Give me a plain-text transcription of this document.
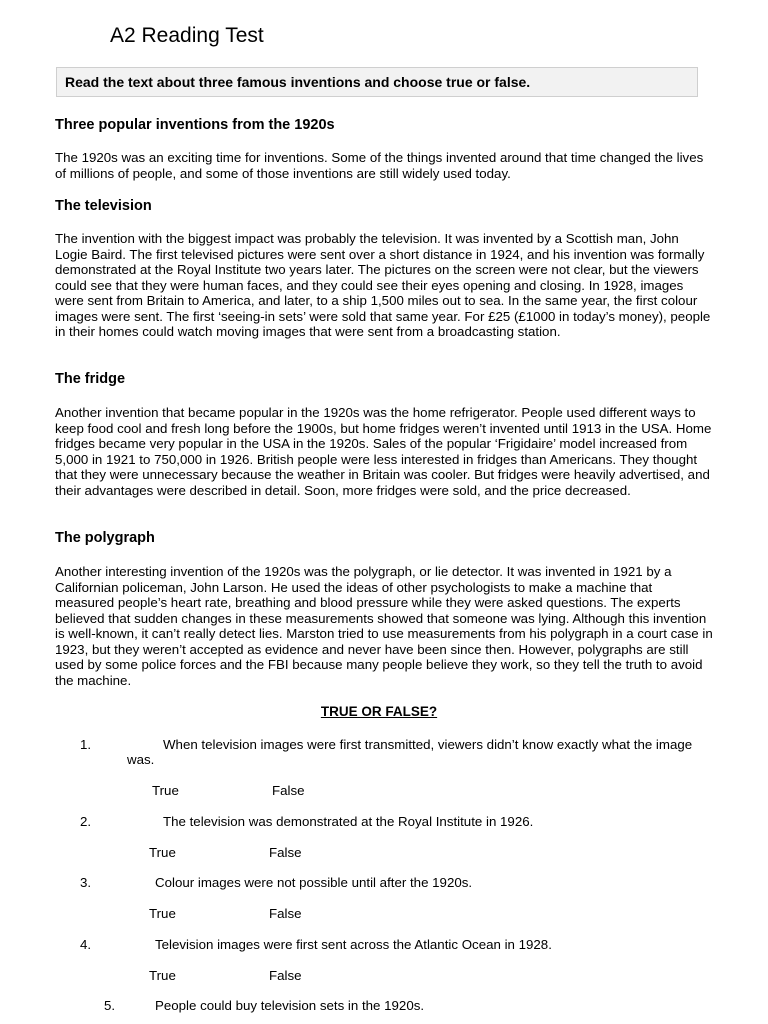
A2 Reading Test
Read the text about three famous inventions and choose true or false.
Three popular inventions from the 1920s

The 1920s was an exciting time for inventions. Some of the things invented around that time changed the lives of millions of people, and some of those inventions are still widely used today.

The television

The invention with the biggest impact was probably the television. It was invented by a Scottish man, John Logie Baird. The first televised pictures were sent over a short distance in 1924, and his invention was formally demonstrated at the Royal Institute two years later. The pictures on the screen were not clear, but the viewers could see that they were human faces, and they could see their eyes opening and closing. In 1928, images were sent from Britain to America, and later, to a ship 1,500 miles out to sea. In the same year, the first colour images were sent. The first ‘seeing-in sets’ were sold that same year. For £25 (£1000 in today’s money), people in their homes could watch moving images that were sent from a broadcasting station.

The fridge

Another invention that became popular in the 1920s was the home refrigerator. People used different ways to keep food cool and fresh long before the 1900s, but home fridges weren’t invented until 1913 in the USA. Home fridges became very popular in the USA in the 1920s. Sales of the popular ‘Frigidaire’ model increased from 5,000 in 1921 to 750,000 in 1926. British people were less interested in fridges than Americans. They thought that they were unnecessary because the weather in Britain was cooler. But fridges were heavily advertised, and their advantages were described in detail. Soon, more fridges were sold, and the price decreased.

The polygraph

Another interesting invention of the 1920s was the polygraph, or lie detector. It was invented in 1921 by a Californian policeman, John Larson. He used the ideas of other psychologists to make a machine that measured people’s heart rate, breathing and blood pressure while they were asked questions. The experts believed that sudden changes in these measurements showed that someone was lying. Although this invention is well-known, it can’t really detect lies. Marston tried to use measurements from his polygraph in a court case in 1923, but they weren’t accepted as evidence and never have been since then. However, polygraphs are still used by some police forces and the FBI because many people believe they work, so they tell the truth to avoid the machine.

TRUE OR FALSE?
1.	When television images were first transmitted, viewers didn’t know exactly what the image
was.
True	False
2.	The television was demonstrated at the Royal Institute in 1926.
True	False
3.	Colour images were not possible until after the 1920s.
True	False
4.	Television images were first sent across the Atlantic Ocean in 1928.
True	False
5.	People could buy television sets in the 1920s.
